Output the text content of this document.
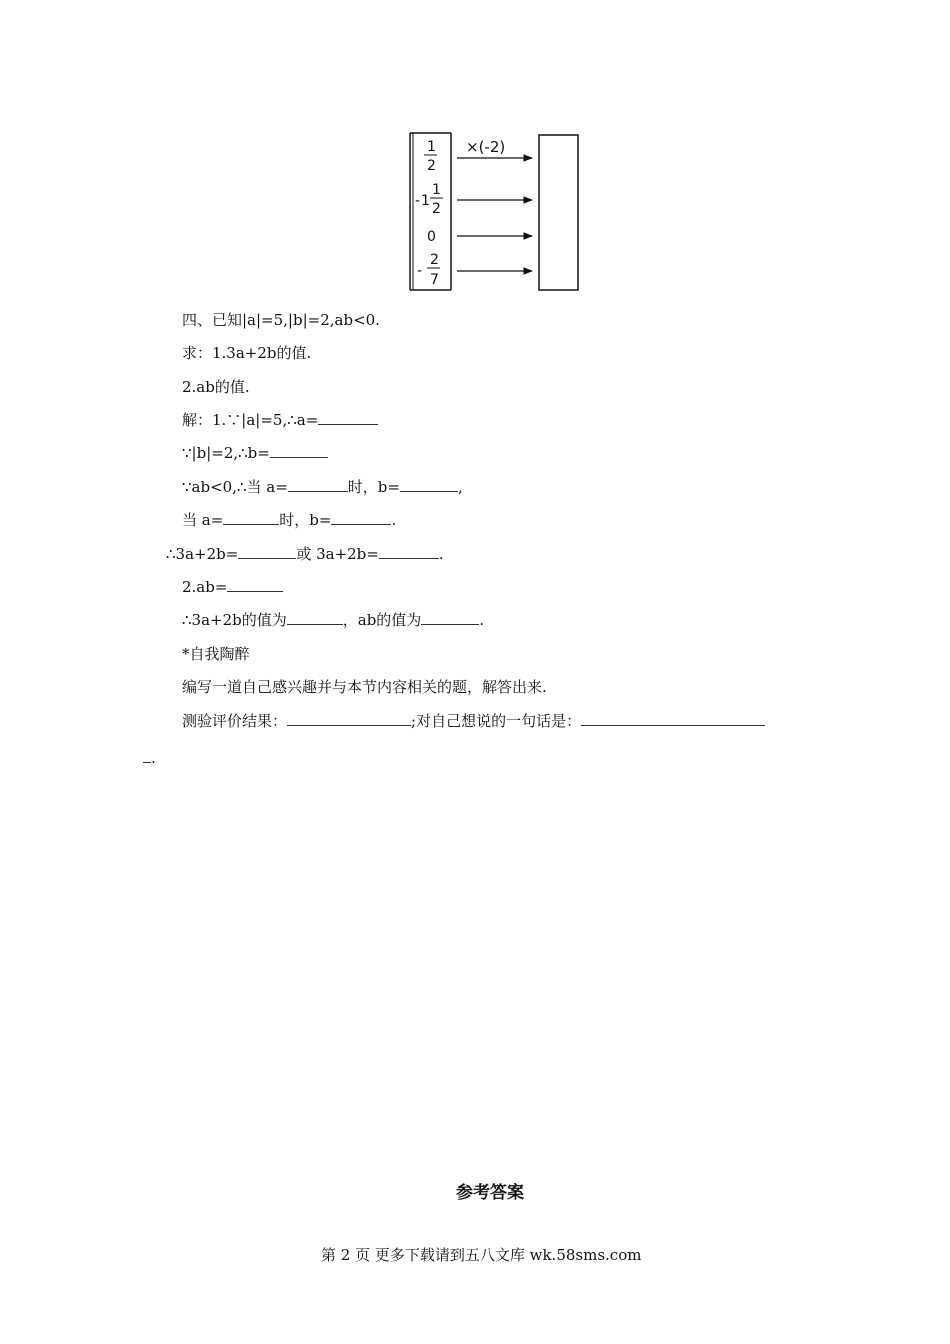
×(-2)
1
2
- 1
1
2
0
-
2
7
四、已知|a|=5,|b|=2,ab<0.
求：1.3a+2b的值.
2.ab的值.
解：1.∵|a|=5,∴a=
∵|b|=2,∴b=
∵ab<0,∴当 a=	时，b=	,
当 a=	时，b=	.
∴3a+2b=	或 3a+2b=	.
2.ab=
∴3a+2b的值为	，ab的值为	.
*自我陶醉
编写一道自己感兴趣并与本节内容相关的题，解答出来.
测验评价结果：	;对自己想说的一句话是：
.
参考答案
第 2 页 更多下载请到五八文库 wk.58sms.com
